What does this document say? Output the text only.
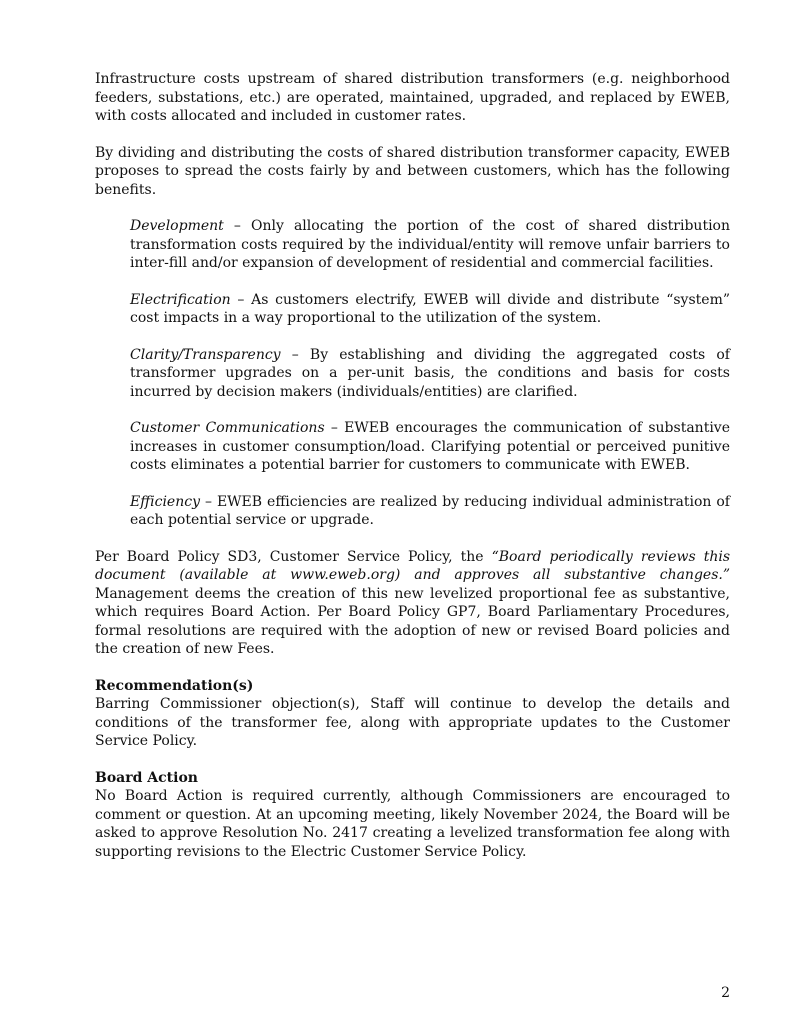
Infrastructure costs upstream of shared distribution transformers (e.g. neighborhood feeders, substations, etc.) are operated, maintained, upgraded, and replaced by EWEB, with costs allocated and included in customer rates.

By dividing and distributing the costs of shared distribution transformer capacity, EWEB proposes to spread the costs fairly by and between customers, which has the following benefits.

Development – Only allocating the portion of the cost of shared distribution transformation costs required by the individual/entity will remove unfair barriers to inter-fill and/or expansion of development of residential and commercial facilities.

Electrification – As customers electrify, EWEB will divide and distribute “system” cost impacts in a way proportional to the utilization of the system.

Clarity/Transparency – By establishing and dividing the aggregated costs of transformer upgrades on a per-unit basis, the conditions and basis for costs incurred by decision makers (individuals/entities) are clarified.

Customer Communications – EWEB encourages the communication of substantive increases in customer consumption/load. Clarifying potential or perceived punitive costs eliminates a potential barrier for customers to communicate with EWEB.

Efficiency – EWEB efficiencies are realized by reducing individual administration of each potential service or upgrade.

Per Board Policy SD3, Customer Service Policy, the “Board periodically reviews this document (available at www.eweb.org) and approves all substantive changes.”  Management deems the creation of this new levelized proportional fee as substantive, which requires Board Action. Per Board Policy GP7, Board Parliamentary Procedures, formal resolutions are required with the adoption of new or revised Board policies and the creation of new Fees.

Recommendation(s)

Barring Commissioner objection(s), Staff will continue to develop the details and conditions of the transformer fee, along with appropriate updates to the Customer Service Policy.

Board Action

No Board Action is required currently, although Commissioners are encouraged to comment or question. At an upcoming meeting, likely November 2024, the Board will be asked to approve Resolution No. 2417 creating a levelized transformation fee along with supporting revisions to the Electric Customer Service Policy.

2
